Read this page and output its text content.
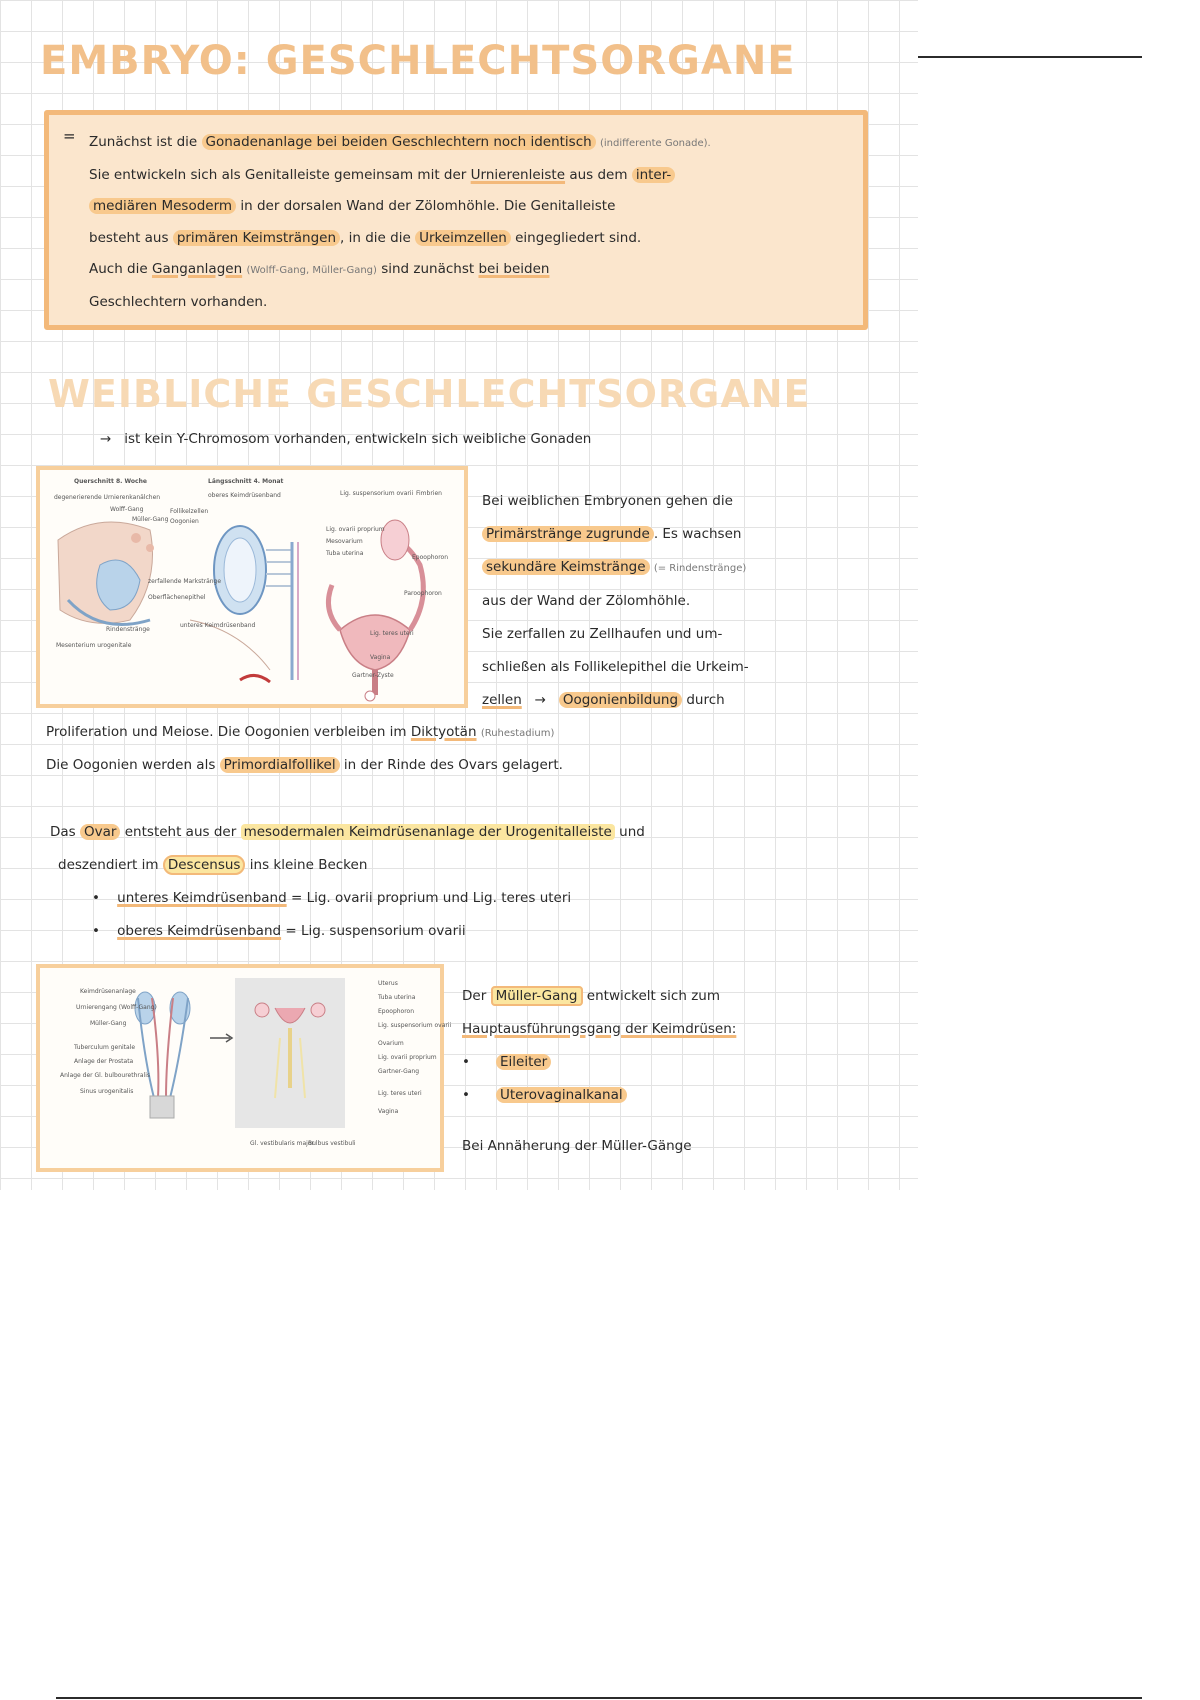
EMBRYO: GESCHLECHTSORGANE
= Zunächst ist die Gonadenanlage bei beiden Geschlechtern noch identisch (indifferente Gonade).
Sie entwickeln sich als Genitalleiste gemeinsam mit der Urnierenleiste aus dem inter-
mediären Mesoderm in der dorsalen Wand der Zölomhöhle. Die Genitalleiste
besteht aus primären Keimsträngen , in die die Urkeimzellen eingegliedert sind.
Auch die Ganganlagen (Wolff-Gang, Müller-Gang) sind zunächst bei beiden
Geschlechtern vorhanden.
WEIBLICHE GESCHLECHTSORGANE
→ ist kein Y-Chromosom vorhanden, entwickeln sich weibliche Gonaden
Querschnitt 8. Woche	Längsschnitt 4. Monat
degenerierende Urnierenkanälchen
Wolff-Gang
Müller-Gang
Follikelzellen
Oogonien
zerfallende Markstränge
Oberflächenepithel
Rindenstränge
Mesenterium urogenitale
oberes Keimdrüsenband
unteres Keimdrüsenband
Lig. suspensorium ovarii Fimbrien
Tuba uterina
Mesovarium
Lig. ovarii proprium
Epoophoron
Paroophoron
Lig. teres uteri
Vagina
Gartner-Zyste
Bei weiblichen Embryonen gehen die
Primärstränge zugrunde . Es wachsen
sekundäre Keimstränge (= Rindenstränge)
aus der Wand der Zölomhöhle.
Sie zerfallen zu Zellhaufen und um-
schließen als Follikelepithel die Urkeim-
zellen → Oogonienbildung durch
Proliferation und Meiose. Die Oogonien verbleiben im Diktyotän (Ruhestadium)
Die Oogonien werden als Primordialfollikel in der Rinde des Ovars gelagert.
Das Ovar entsteht aus der mesodermalen Keimdrüsenanlage der Urogenitalleiste und
deszendiert im Descensus ins kleine Becken
•    unteres Keimdrüsenband = Lig. ovarii proprium und Lig. teres uteri
•    oberes Keimdrüsenband = Lig. suspensorium ovarii
Keimdrüsenanlage
Urnierengang (Wolff-Gang)
Müller-Gang
Tuberculum genitale
Anlage der Prostata
Anlage der Gl. bulbourethralis
Sinus urogenitalis
Uterus
Tuba uterina
Epoophoron
Lig. suspensorium ovarii
Ovarium
Lig. ovarii proprium
Gartner-Gang
Lig. teres uteri
Vagina
Gl. vestibularis major
Bulbus vestibuli
Der Müller-Gang entwickelt sich zum
Hauptausführungsgang der Keimdrüsen:
• Eileiter
• Uterovaginalkanal
Bei Annäherung der Müller-Gänge
